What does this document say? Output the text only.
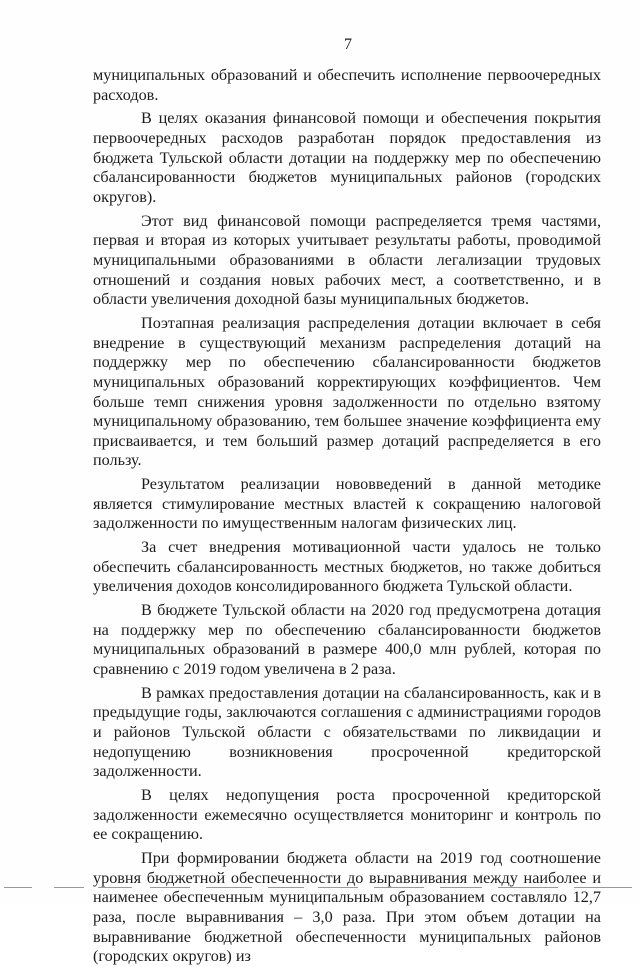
7

муниципальных образований и обеспечить исполнение первоочередных расходов.

В целях оказания финансовой помощи и обеспечения покрытия первоочередных расходов разработан порядок предоставления из бюджета Тульской области дотации на поддержку мер по обеспечению сбалансированности бюджетов муниципальных районов (городских округов).

Этот вид финансовой помощи распределяется тремя частями, первая и вторая из которых учитывает результаты работы, проводимой муниципальными образованиями в области легализации трудовых отношений и создания новых рабочих мест, а соответственно, и в области увеличения доходной базы муниципальных бюджетов.

Поэтапная реализация распределения дотации включает в себя внедрение в существующий механизм распределения дотаций на поддержку мер по обеспечению сбалансированности бюджетов муниципальных образований корректирующих коэффициентов. Чем больше темп снижения уровня задолженности по отдельно взятому муниципальному образованию, тем большее значение коэффициента ему присваивается, и тем больший размер дотаций распределяется в его пользу.

Результатом реализации нововведений в данной методике является стимулирование местных властей к сокращению налоговой задолженности по имущественным налогам физических лиц.

За счет внедрения мотивационной части удалось не только обеспечить сбалансированность местных бюджетов, но также добиться увеличения доходов консолидированного бюджета Тульской области.

В бюджете Тульской области на 2020 год предусмотрена дотация на поддержку мер по обеспечению сбалансированности бюджетов муниципальных образований в размере 400,0 млн рублей, которая по сравнению с 2019 годом увеличена в 2 раза.

В рамках предоставления дотации на сбалансированность, как и в предыдущие годы, заключаются соглашения с администрациями городов и районов Тульской области с обязательствами по ликвидации и недопущению возникновения просроченной кредиторской задолженности.

В целях недопущения роста просроченной кредиторской задолженности ежемесячно осуществляется мониторинг и контроль по ее сокращению.

При формировании бюджета области на 2019 год соотношение уровня бюджетной обеспеченности до выравнивания между наиболее и наименее обеспеченным муниципальным образованием составляло 12,7 раза, после выравнивания – 3,0 раза. При этом объем дотации на выравнивание бюджетной обеспеченности муниципальных районов (городских округов) из
